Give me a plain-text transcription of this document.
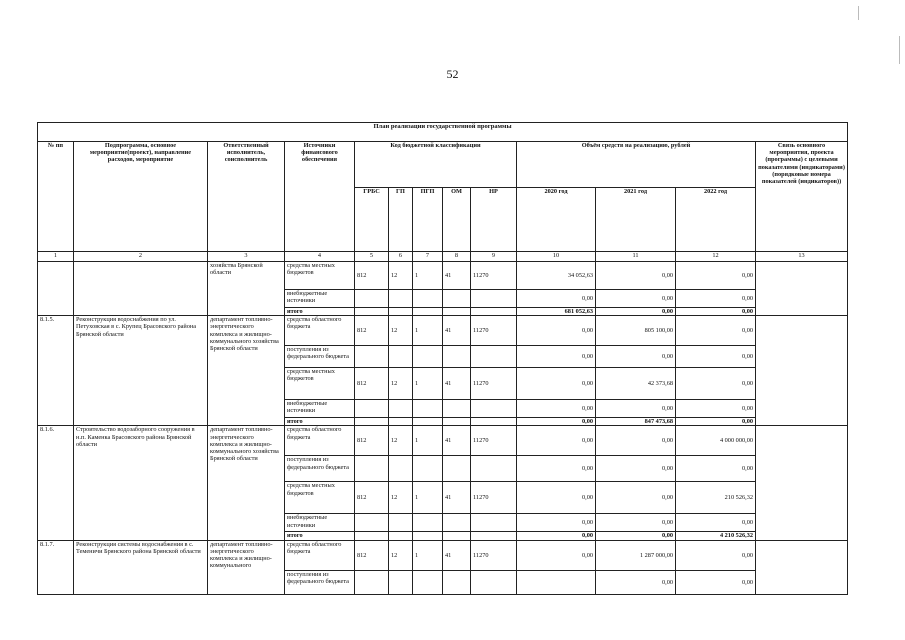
52
План реализации государственной программы												
№ пп	Подпрограмма, основное мероприятие(проект), направление расходов, мероприятие	Ответственный исполнитель, соисполнитель	Источники финансового обеспечения	Код бюджетной классификации					Объём средств на реализацию, рублей			Связь основного мероприятия, проекта (программы) с целевыми показателями (индикаторами) (порядковые номера показателей (индикаторов))
				ГРБС	ГП	ПГП	ОМ	НР	2020 год	2021 год	2022 год	
1	2	3	4	5	6	7	8	9	10	11	12	13
		хозяйства Брянской области	средства местных бюджетов	812	12	1	41	11270	34 052,63	0,00	0,00	
			внебюджетные источники						0,00	0,00	0,00	
			итого						681 052,63	0,00	0,00	
8.1.5.	Реконструкция водоснабжения по ул. Петуховская в с. Крупец Брасовского района Брянской области	департамент топливно-энергетического комплекса и жилищно-коммунального хозяйства Брянской области	средства областного бюджета	812	12	1	41	11270	0,00	805 100,00	0,00	
			поступления из федерального бюджета						0,00	0,00	0,00	
			средства местных бюджетов	812	12	1	41	11270	0,00	42 373,68	0,00	
			внебюджетные источники						0,00	0,00	0,00	
			итого						0,00	847 473,68	0,00	
8.1.6.	Строительство водозаборного сооружения в н.п. Каменка Брасовского района Брянской области	департамент топливно-энергетического комплекса и жилищно-коммунального хозяйства Брянской области	средства областного бюджета	812	12	1	41	11270	0,00	0,00	4 000 000,00	
			поступления из федерального бюджета						0,00	0,00	0,00	
			средства местных бюджетов	812	12	1	41	11270	0,00	0,00	210 526,32	
			внебюджетные источники						0,00	0,00	0,00	
			итого						0,00	0,00	4 210 526,32	
8.1.7.	Реконструкция системы водоснабжения в с. Теменичи Брянского района Брянской области	департамент топливно-энергетического комплекса и жилищно-коммунального	средства областного бюджета	812	12	1	41	11270	0,00	1 287 000,00	0,00	
			поступления из федерального бюджета							0,00	0,00	
